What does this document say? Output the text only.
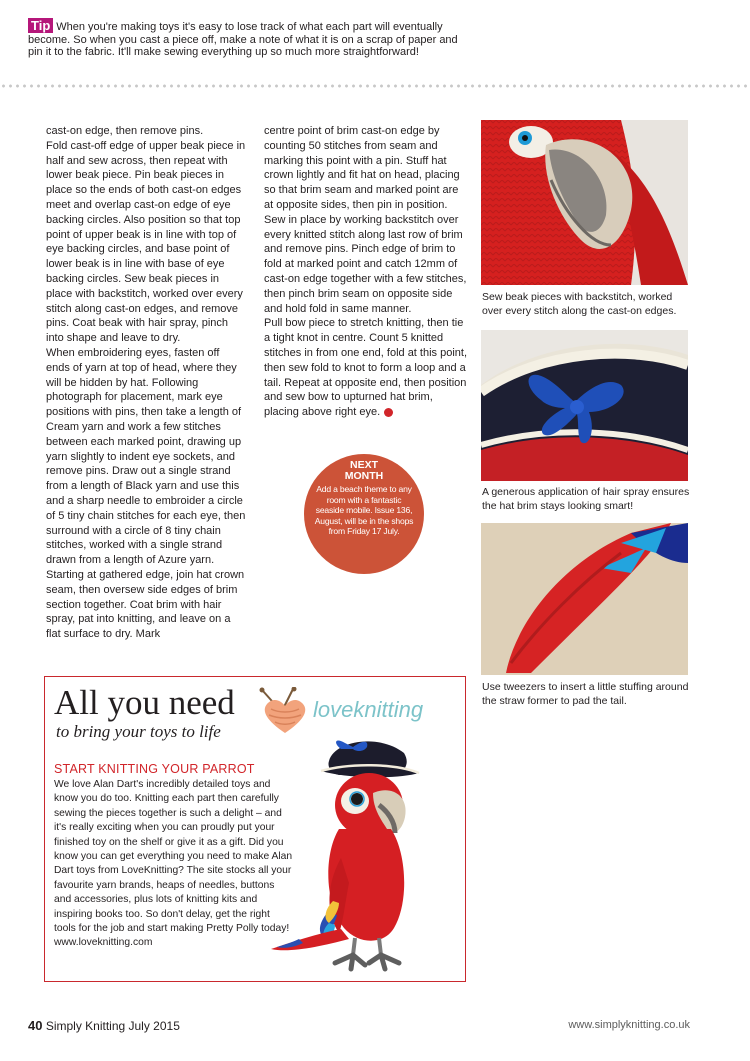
Tip When you're making toys it's easy to lose track of what each part will eventually become. So when you cast a piece off, make a note of what it is on a scrap of paper and pin it to the fabric. It'll make sewing everything up so much more straightforward!

cast-on edge, then remove pins.

Fold cast-off edge of upper beak piece in half and sew across, then repeat with lower beak piece. Pin beak pieces in place so the ends of both cast-on edges meet and overlap cast-on edge of eye backing circles. Also position so that top point of upper beak is in line with top of eye backing circles, and base point of lower beak is in line with base of eye backing circles. Sew beak pieces in place with backstitch, worked over every stitch along cast-on edges, and remove pins. Coat beak with hair spray, pinch into shape and leave to dry.

When embroidering eyes, fasten off ends of yarn at top of head, where they will be hidden by hat. Following photograph for placement, mark eye positions with pins, then take a length of Cream yarn and work a few stitches between each marked point, drawing up yarn slightly to indent eye sockets, and remove pins. Draw out a single strand from a length of Black yarn and use this and a sharp needle to embroider a circle of 5 tiny chain stitches for each eye, then surround with a circle of 8 tiny chain stitches, worked with a single strand drawn from a length of Azure yarn.

Starting at gathered edge, join hat crown seam, then oversew side edges of brim section together. Coat brim with hair spray, pat into knitting, and leave on a flat surface to dry. Mark

centre point of brim cast-on edge by counting 50 stitches from seam and marking this point with a pin. Stuff hat crown lightly and fit hat on head, placing so that brim seam and marked point are at opposite sides, then pin in position. Sew in place by working backstitch over every knitted stitch along last row of brim and remove pins. Pinch edge of brim to fold at marked point and catch 12mm of cast-on edge together with a few stitches, then pinch brim seam on opposite side and hold fold in same manner.

Pull bow piece to stretch knitting, then tie a tight knot in centre. Count 5 knitted stitches in from one end, fold at this point, then sew fold to knot to form a loop and a tail. Repeat at opposite end, then position and sew bow to upturned hat brim, placing above right eye.

NEXT
MONTH
Add a beach theme to any room with a fantastic seaside mobile. Issue 136, August, will be in the shops from Friday 17 July.
Sew beak pieces with backstitch, worked over every stitch along the cast-on edges.
A generous application of hair spray ensures the hat brim stays looking smart!
Use tweezers to insert a little stuffing around the straw former to pad the tail.
All you need
to bring your toys to life
START KNITTING YOUR PARROT
We love Alan Dart's incredibly detailed toys and know you do too. Knitting each part then carefully sewing the pieces together is such a delight – and it's really exciting when you can proudly put your finished toy on the shelf or give it as a gift. Did you know you can get everything you need to make Alan Dart toys from LoveKnitting? The site stocks all your favourite yarn brands, heaps of needles, buttons and accessories, plus lots of knitting kits and inspiring books too. So don't delay, get the right tools for the job and start making Pretty Polly today!
www.loveknitting.com
loveknitting
40 Simply Knitting July 2015	www.simplyknitting.co.uk
